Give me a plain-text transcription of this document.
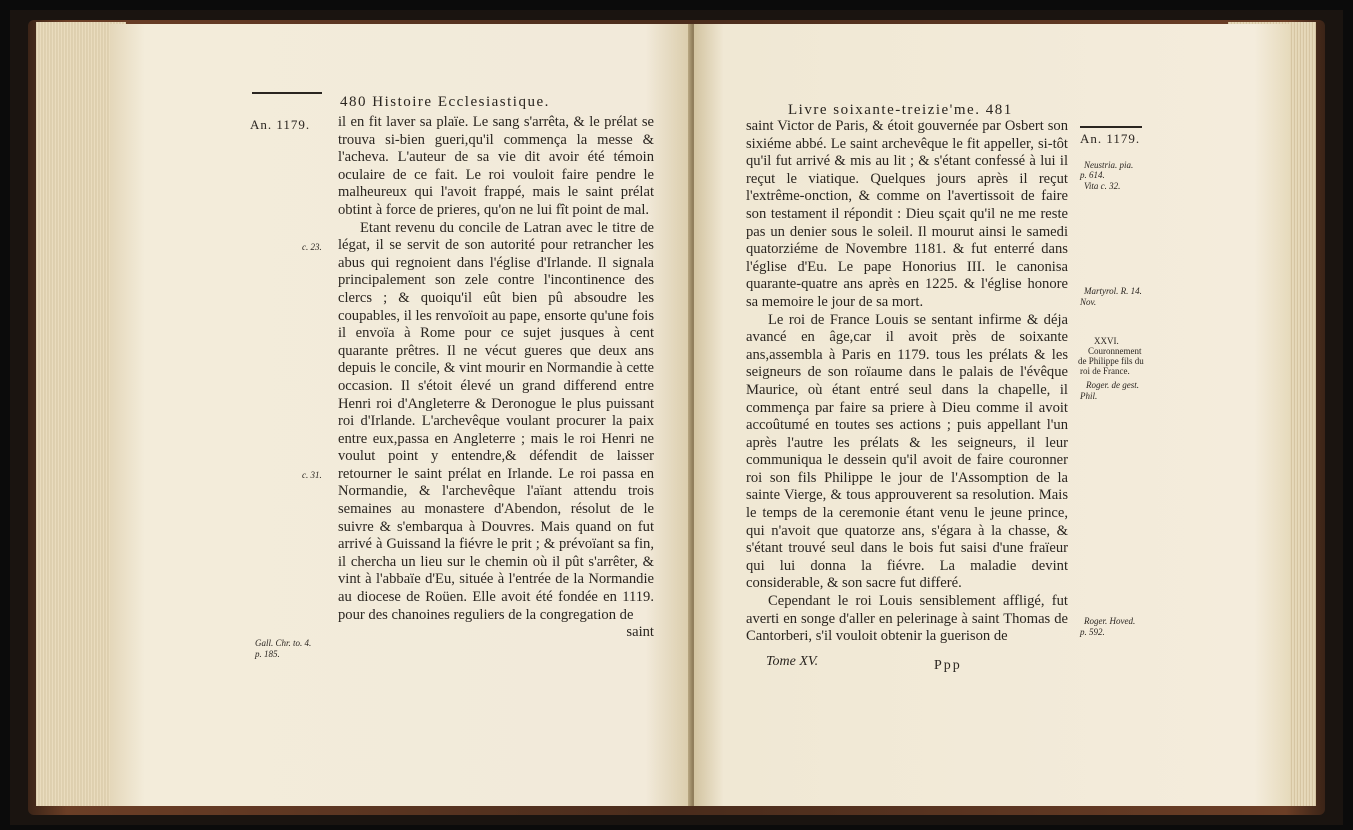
480 Histoire Ecclesiastique.
An. 1179.
c. 23.
c. 31.
Gall. Chr. to. 4.
p. 185.

il en fit laver sa plaïe. Le sang s'arrêta, & le prélat se trouva si-bien gueri,qu'il commença la messe & l'acheva. L'auteur de sa vie dit avoir été témoin oculaire de ce fait. Le roi vouloit faire pendre le malheureux qui l'avoit frappé, mais le saint prélat obtint à force de prieres, qu'on ne lui fît point de mal.

Etant revenu du concile de Latran avec le titre de légat, il se servit de son autorité pour retrancher les abus qui regnoient dans l'église d'Irlande. Il signala principalement son zele contre l'incontinence des clercs ; & quoiqu'il eût bien pû absoudre les coupables, il les renvoïoit au pape, ensorte qu'une fois il envoïa à Rome pour ce sujet jusques à cent quarante prêtres. Il ne vécut gueres que deux ans depuis le concile, & vint mourir en Normandie à cette occasion. Il s'étoit élevé un grand differend entre Henri roi d'Angleterre & Deronogue le plus puissant roi d'Irlande. L'archevêque voulant procurer la paix entre eux,passa en Angleterre ; mais le roi Henri ne voulut point y entendre,& défendit de laisser retourner le saint prélat en Irlande. Le roi passa en Normandie, & l'archevêque l'aïant attendu trois semaines au monastere d'Abendon, résolut de le suivre & s'embarqua à Douvres. Mais quand on fut arrivé à Guissand la fiévre le prit ; & prévoïant sa fin, il chercha un lieu sur le chemin où il pût s'arrêter, & vint à l'abbaïe d'Eu, située à l'entrée de la Normandie au diocese de Roüen. Elle avoit été fondée en 1119. pour des chanoines reguliers de la congregation de

saint
Livre soixante-treizie'me. 481
An. 1179.
Neustria. pia.
p. 614.
Vita c. 32.
Martyrol. R. 14.
Nov.
XXVI.
Couronnement
de Philippe fils du
roi de France.
Roger. de gest.
Phil.
Roger. Hoved.
p. 592.

saint Victor de Paris, & étoit gouvernée par Osbert son sixiéme abbé. Le saint archevêque le fit appeller, si-tôt qu'il fut arrivé & mis au lit ; & s'étant confessé à lui il reçut le viatique. Quelques jours après il reçut l'extrême-onction, & comme on l'avertissoit de faire son testament il répondit : Dieu sçait qu'il ne me reste pas un denier sous le soleil. Il mourut ainsi le samedi quatorziéme de Novembre 1181. & fut enterré dans l'église d'Eu. Le pape Honorius III. le canonisa quarante-quatre ans après en 1225. & l'église honore sa memoire le jour de sa mort.

Le roi de France Louis se sentant infirme & déja avancé en âge,car il avoit près de soixante ans,assembla à Paris en 1179. tous les prélats & les seigneurs de son roïaume dans le palais de l'évêque Maurice, où étant entré seul dans la chapelle, il commença par faire sa priere à Dieu comme il avoit accoûtumé en toutes ses actions ; puis appellant l'un après l'autre les prélats & les seigneurs, il leur communiqua le dessein qu'il avoit de faire couronner roi son fils Philippe le jour de l'Assomption de la sainte Vierge, & tous approuverent sa resolution. Mais le temps de la ceremonie étant venu le jeune prince, qui n'avoit que quatorze ans, s'égara à la chasse, & s'étant trouvé seul dans le bois fut saisi d'une fraïeur qui lui donna la fiévre. La maladie devint considerable, & son sacre fut differé.

Cependant le roi Louis sensiblement affligé, fut averti en songe d'aller en pelerinage à saint Thomas de Cantorberi, s'il vouloit obtenir la guerison de

Tome XV.	Ppp
